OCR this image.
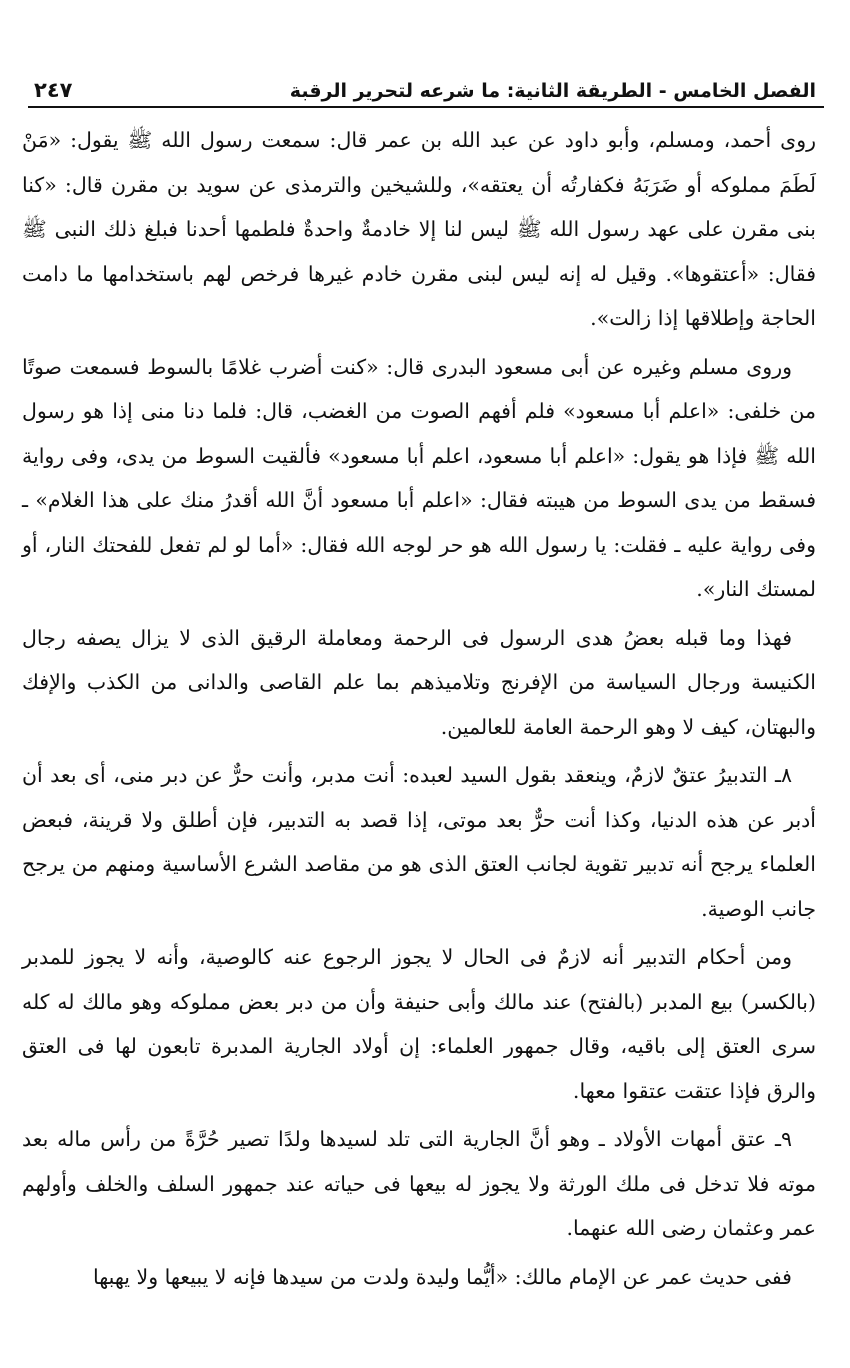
الفصل الخامس - الطريقة الثانية: ما شرعه لتحرير الرقبة
٢٤٧

روى أحمد، ومسلم، وأبو داود عن عبد الله بن عمر قال: سمعت رسول الله ﷺ يقول: «مَنْ لَطَمَ مملوكه أو ضَرَبَهُ فكفارتُه أن يعتقه»، وللشيخين والترمذى عن سويد بن مقرن قال: «كنا بنى مقرن على عهد رسول الله ﷺ ليس لنا إلا خادمةٌ واحدةٌ فلطمها أحدنا فبلغ ذلك النبى ﷺ فقال: «أعتقوها». وقيل له إنه ليس لبنى مقرن خادم غيرها فرخص لهم باستخدامها ما دامت الحاجة وإطلاقها إذا زالت».

وروى مسلم وغيره عن أبى مسعود البدرى قال: «كنت أضرب غلامًا بالسوط فسمعت صوتًا من خلفى: «اعلم أبا مسعود» فلم أفهم الصوت من الغضب، قال: فلما دنا منى إذا هو رسول الله ﷺ فإذا هو يقول: «اعلم أبا مسعود، اعلم أبا مسعود» فألقيت السوط من يدى، وفى رواية فسقط من يدى السوط من هيبته فقال: «اعلم أبا مسعود أنَّ الله أقدرُ منك على هذا الغلام» ـ وفى رواية عليه ـ فقلت: يا رسول الله هو حر لوجه الله فقال: «أما لو لم تفعل للفحتك النار، أو لمستك النار».

فهذا وما قبله بعضُ هدى الرسول فى الرحمة ومعاملة الرقيق الذى لا يزال يصفه رجال الكنيسة ورجال السياسة من الإفرنج وتلاميذهم بما علم القاصى والدانى من الكذب والإفك والبهتان، كيف لا وهو الرحمة العامة للعالمين.

٨ـ التدبيرُ عتقٌ لازمٌ، وينعقد بقول السيد لعبده: أنت مدبر، وأنت حرٌّ عن دبر منى، أى بعد أن أدبر عن هذه الدنيا، وكذا أنت حرٌّ بعد موتى، إذا قصد به التدبير، فإن أطلق ولا قرينة، فبعض العلماء يرجح أنه تدبير تقوية لجانب العتق الذى هو من مقاصد الشرع الأساسية ومنهم من يرجح جانب الوصية.

ومن أحكام التدبير أنه لازمٌ فى الحال لا يجوز الرجوع عنه كالوصية، وأنه لا يجوز للمدبر (بالكسر) بيع المدبر (بالفتح) عند مالك وأبى حنيفة وأن من دبر بعض مملوكه وهو مالك له كله سرى العتق إلى باقيه، وقال جمهور العلماء: إن أولاد الجارية المدبرة تابعون لها فى العتق والرق فإذا عتقت عتقوا معها.

٩ـ عتق أمهات الأولاد ـ وهو أنَّ الجارية التى تلد لسيدها ولدًا تصير حُرَّةً من رأس ماله بعد موته فلا تدخل فى ملك الورثة ولا يجوز له بيعها فى حياته عند جمهور السلف والخلف وأولهم عمر وعثمان رضى الله عنهما.

ففى حديث عمر عن الإمام مالك: «أيُّما وليدة ولدت من سيدها فإنه لا يبيعها ولا يهبها
